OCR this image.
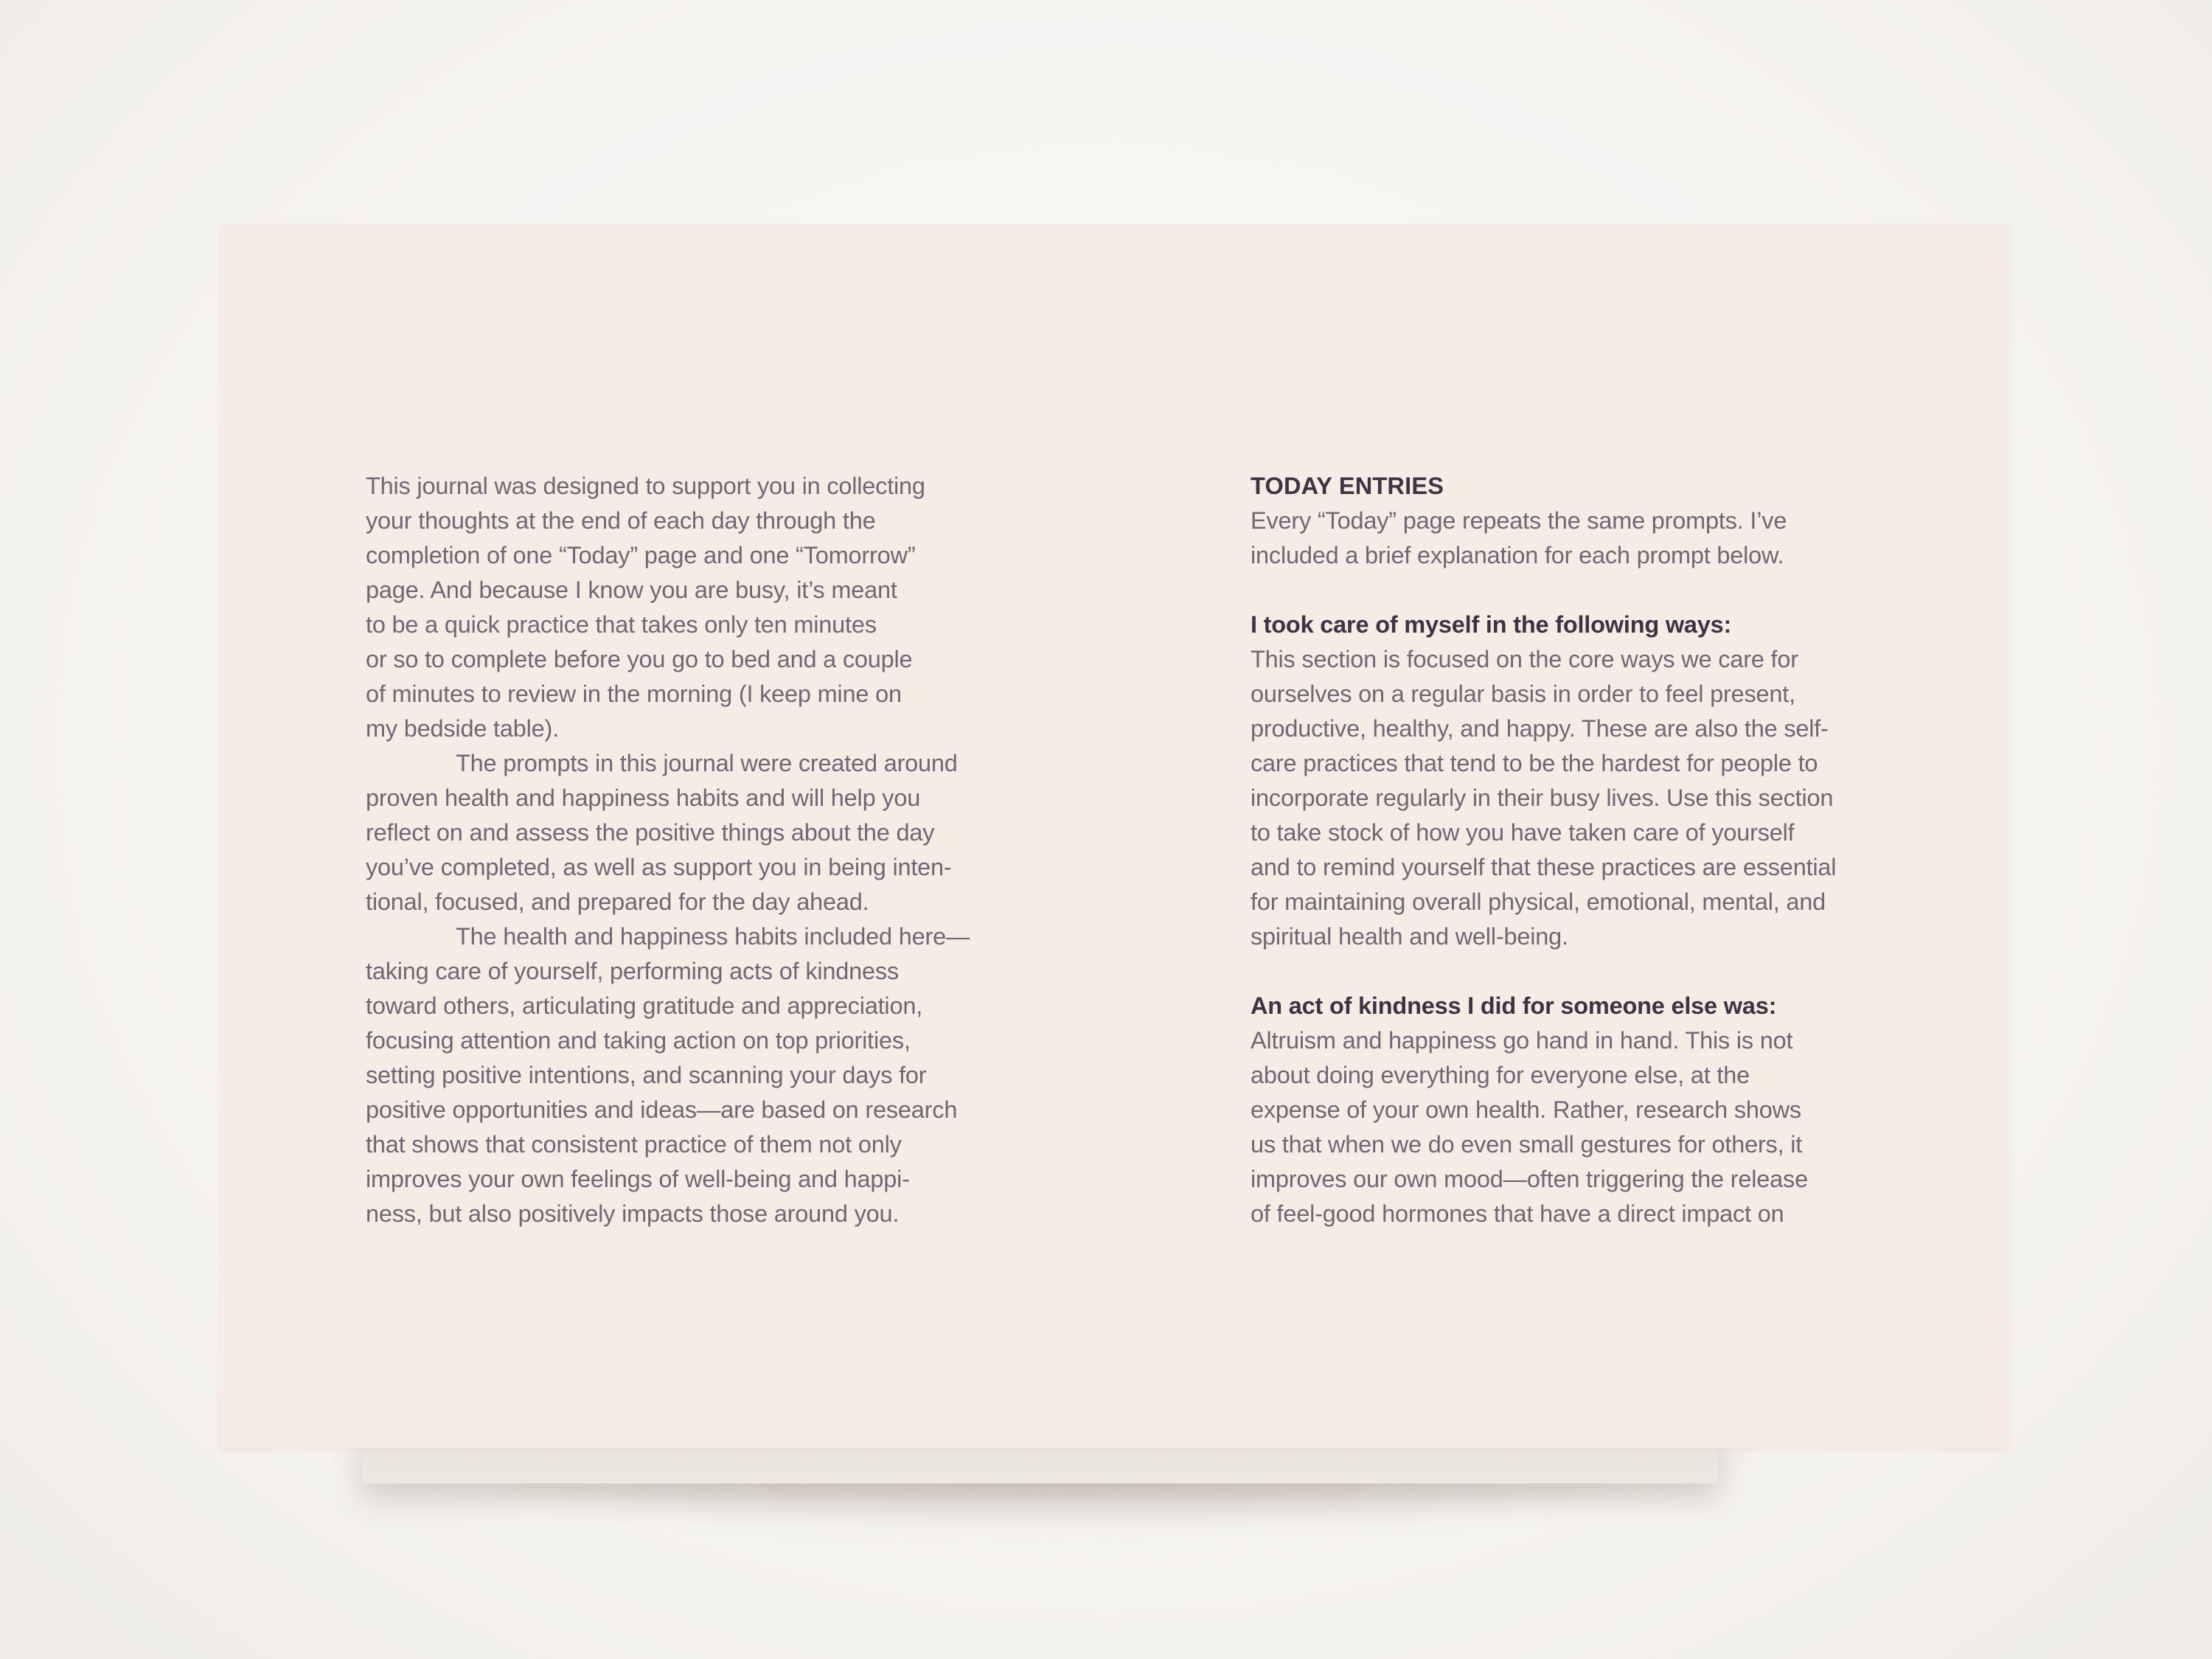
This journal was designed to support you in collecting
your thoughts at the end of each day through the
completion of one “Today” page and one “Tomorrow”
page. And because I know you are busy, it’s meant
to be a quick practice that takes only ten minutes
or so to complete before you go to bed and a couple
of minutes to review in the morning (I keep mine on
my bedside table).
The prompts in this journal were created around
proven health and happiness habits and will help you
reflect on and assess the positive things about the day
you’ve completed, as well as support you in being inten-
tional, focused, and prepared for the day ahead.
The health and happiness habits included here—
taking care of yourself, performing acts of kindness
toward others, articulating gratitude and appreciation,
focusing attention and taking action on top priorities,
setting positive intentions, and scanning your days for
positive opportunities and ideas—are based on research
that shows that consistent practice of them not only
improves your own feelings of well-being and happi-
ness, but also positively impacts those around you.
TODAY ENTRIES
Every “Today” page repeats the same prompts. I’ve
included a brief explanation for each prompt below.
I took care of myself in the following ways:
This section is focused on the core ways we care for
ourselves on a regular basis in order to feel present,
productive, healthy, and happy. These are also the self-
care practices that tend to be the hardest for people to
incorporate regularly in their busy lives. Use this section
to take stock of how you have taken care of yourself
and to remind yourself that these practices are essential
for maintaining overall physical, emotional, mental, and
spiritual health and well-being.
An act of kindness I did for someone else was:
Altruism and happiness go hand in hand. This is not
about doing everything for everyone else, at the
expense of your own health. Rather, research shows
us that when we do even small gestures for others, it
improves our own mood—often triggering the release
of feel-good hormones that have a direct impact on
